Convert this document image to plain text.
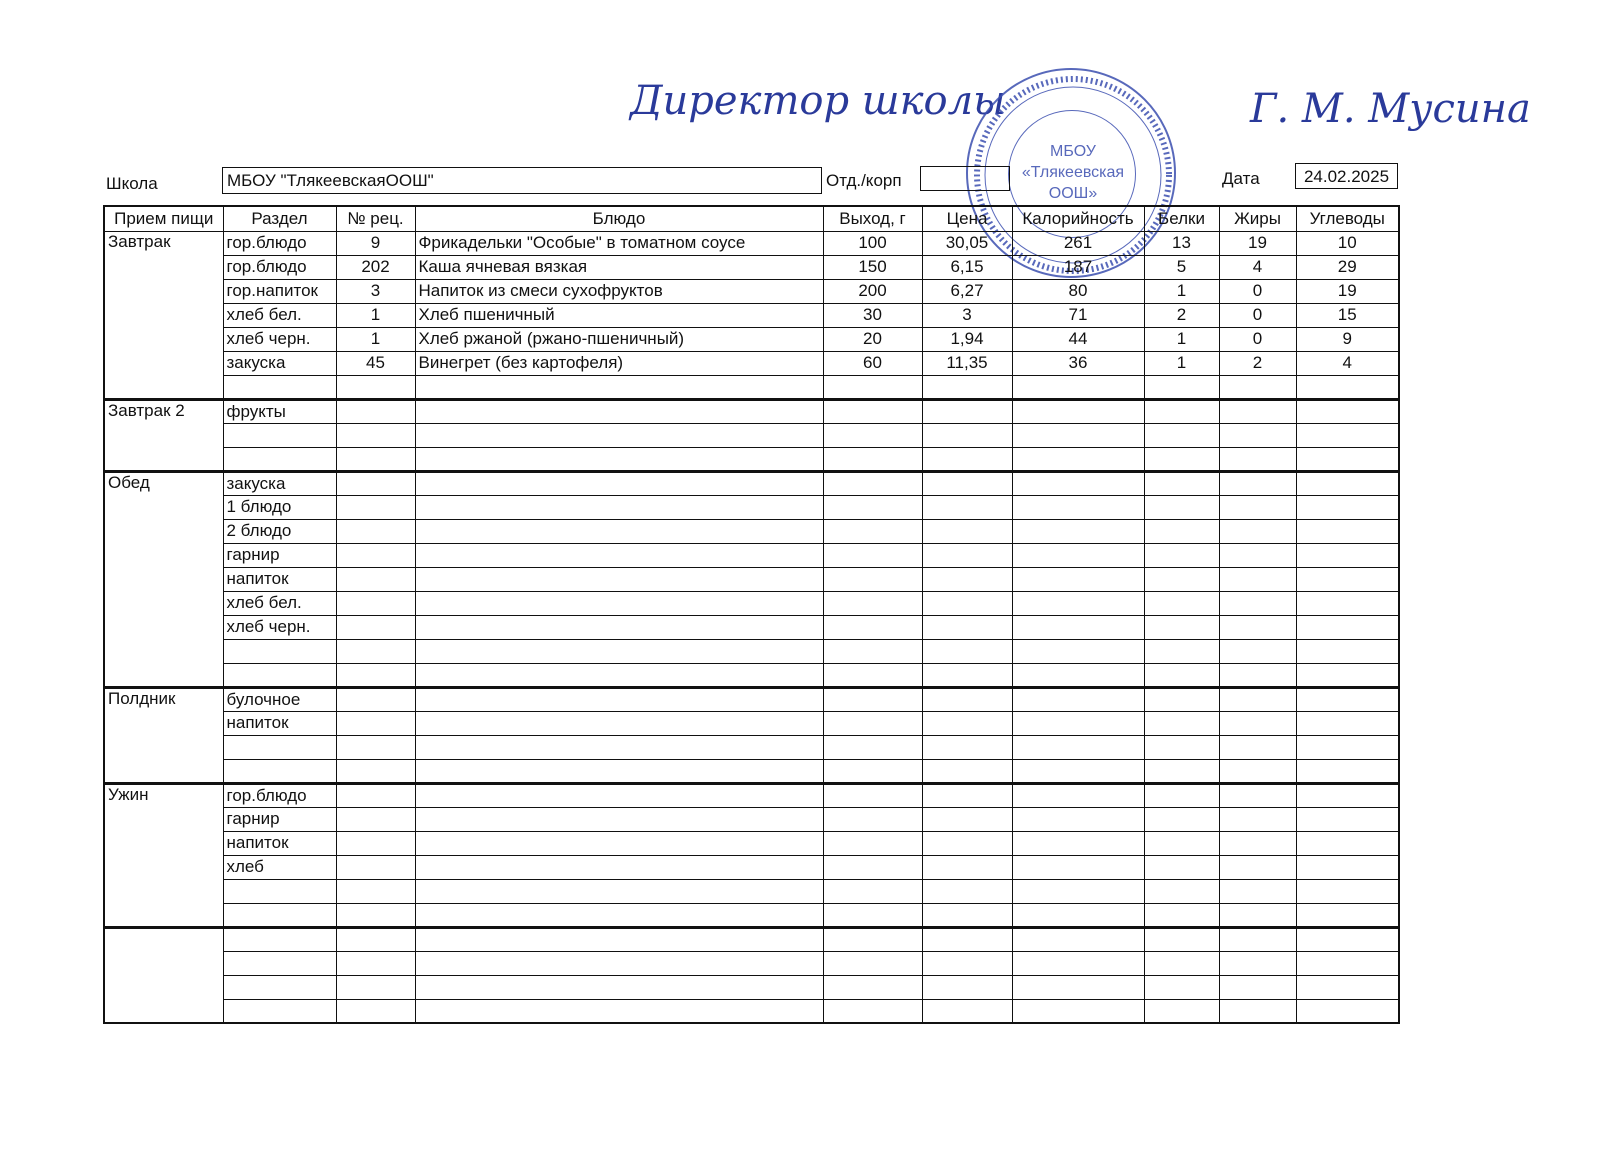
Директор школы	Г. М. Мусина
МБОУ
«Тлякеевская
ООШ»
Школа	МБОУ "ТлякеевскаяООШ"	Отд./корп	Дата	24.02.2025
Прием пищи	Раздел	№ рец.	Блюдо	Выход, г	Цена	Калорийность	Белки	Жиры	Углеводы
Завтрак	гор.блюдо	9	Фрикадельки "Особые" в томатном соусе	100	30,05	261	13	19	10
	гор.блюдо	202	Каша ячневая вязкая	150	6,15	187	5	4	29
	гор.напиток	3	Напиток из смеси сухофруктов	200	6,27	80	1	0	19
	хлеб бел.	1	Хлеб пшеничный	30	3	71	2	0	15
	хлеб черн.	1	Хлеб ржаной (ржано-пшеничный)	20	1,94	44	1	0	9
	закуска	45	Винегрет (без картофеля)	60	11,35	36	1	2	4

Завтрак 2	фрукты								

Обед	закуска								
	1 блюдо								
	2 блюдо								
	гарнир								
	напиток								
	хлеб бел.								
	хлеб черн.								

Полдник	булочное								
	напиток								

Ужин	гор.блюдо								
	гарнир								
	напиток								
	хлеб								
